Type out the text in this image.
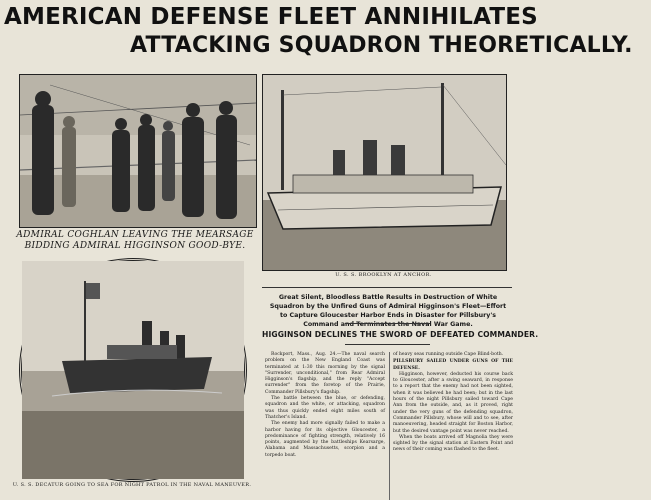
AMERICAN DEFENSE FLEET ANNIHILATES
ATTACKING SQUADRON THEORETICALLY.
ADMIRAL COGHLAN LEAVING THE MEARSAGE BIDDING ADMIRAL HIGGINSON GOOD-BYE.
U. S. S. BROOKLYN AT ANCHOR.
U. S. S. DECATUR GOING TO SEA FOR NIGHT PATROL IN THE NAVAL MANEUVER.
Great Silent, Bloodless Battle Results in Destruction of White Squadron by the Unfired Guns of Admiral Higginson's Fleet—Effort to Capture Gloucester Harbor Ends in Disaster for Pillsbury's Command and Terminates the Naval War Game.
HIGGINSON DECLINES THE SWORD OF DEFEATED COMMANDER.

Rockport, Mass., Aug. 24.—The naval search problem on the New England Coast was terminated at 1:30 this morning by the signal "Surrender, unconditional," from Rear Admiral Higginson's flagship, and the reply "Accept surrender" from the foretop of the Prairie, Commander Pillsbury's flagship.

The battle between the blue, or defending, squadron and the white, or attacking, squadron was thus quickly ended eight miles south of Thatcher's Island.

The enemy had more signally failed to make a harbor having for its objective Gloucester, a predominance of fighting strength, relatively 16 points, augmented by the battleships Kearsarge, Alabama and Massachusetts, scorpion and a torpedo boat.

of heavy seas running outside Cape Blind-both.

PILLSBURY SAILED UNDER GUNS OF THE DEFENSE.

Higginson, however, deducted his course back to Gloucester, after a swing seaward, in response to a report that the enemy had not been sighted, when it was believed he had been; but in the last hours of the night Pillsbury sailed toward Cape Ann from the outside, and, as it proved, right under the very guns of the defending squadron, Commander Pillsbury, whose will and to see, after manoeuvering, headed straight for Boston Harbor, but the desired vantage point was never reached.

When the boats arrived off Magnolia they were sighted by the signal station at Eastern Point and news of their coming was flashed to the fleet.
